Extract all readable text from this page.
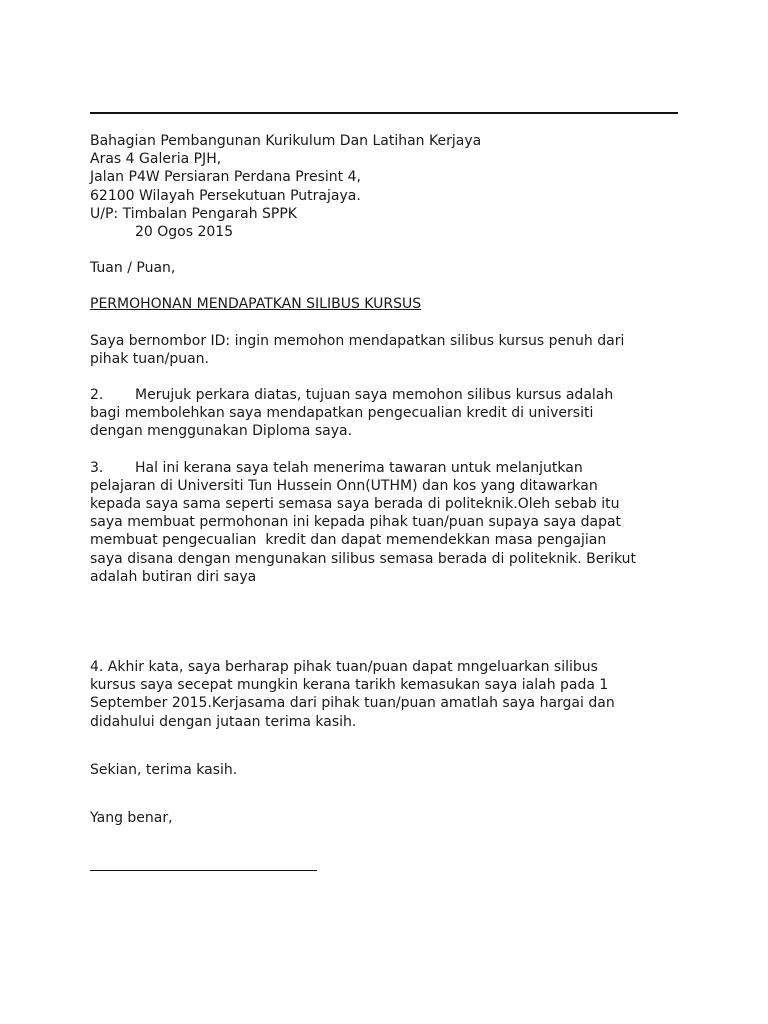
Bahagian Pembangunan Kurikulum Dan Latihan Kerjaya
Aras 4 Galeria PJH,
Jalan P4W Persiaran Perdana Presint 4,
62100 Wilayah Persekutuan Putrajaya.
U/P: Timbalan Pengarah SPPK
20 Ogos 2015
Tuan / Puan,
PERMOHONAN MENDAPATKAN SILIBUS KURSUS
Saya bernombor ID: ingin memohon mendapatkan silibus kursus penuh dari
pihak tuan/puan.
2. Merujuk perkara diatas, tujuan saya memohon silibus kursus adalah
bagi membolehkan saya mendapatkan pengecualian kredit di universiti
dengan menggunakan Diploma saya.
3. Hal ini kerana saya telah menerima tawaran untuk melanjutkan
pelajaran di Universiti Tun Hussein Onn(UTHM) dan kos yang ditawarkan
kepada saya sama seperti semasa saya berada di politeknik.Oleh sebab itu
saya membuat permohonan ini kepada pihak tuan/puan supaya saya dapat
membuat pengecualian  kredit dan dapat memendekkan masa pengajian
saya disana dengan mengunakan silibus semasa berada di politeknik. Berikut
adalah butiran diri saya
4. Akhir kata, saya berharap pihak tuan/puan dapat mngeluarkan silibus
kursus saya secepat mungkin kerana tarikh kemasukan saya ialah pada 1
September 2015.Kerjasama dari pihak tuan/puan amatlah saya hargai dan
didahului dengan jutaan terima kasih.
Sekian, terima kasih.
Yang benar,
